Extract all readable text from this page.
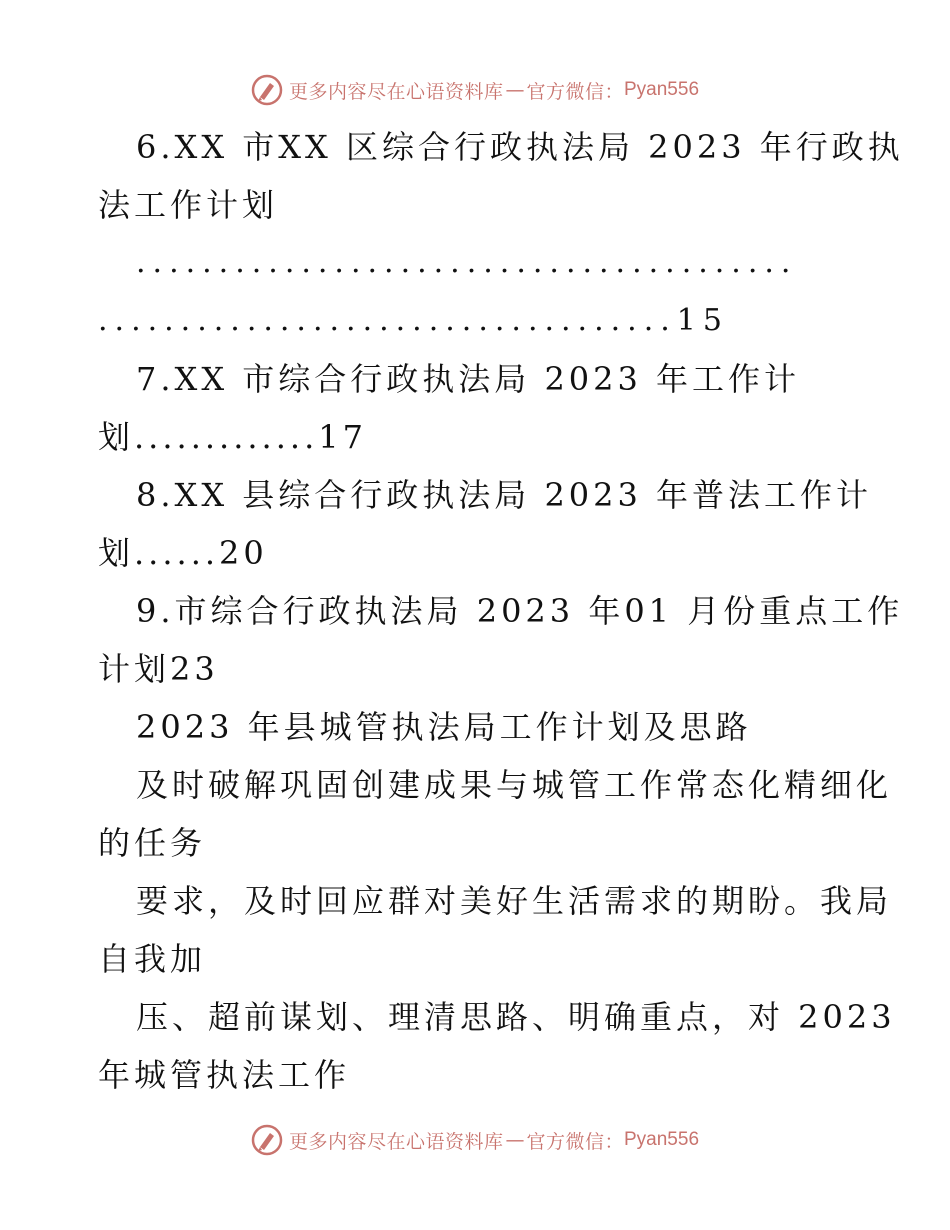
更多内容尽在心语资料库 — 官方微信： Pyan556
6.XX 市XX 区综合行政执法局 2023 年行政执
法工作计划
........................................
...................................15
7.XX 市综合行政执法局 2023 年工作计
划.............17
8.XX 县综合行政执法局 2023 年普法工作计
划......20
9.市综合行政执法局 2023 年01 月份重点工作
计划23
2023 年县城管执法局工作计划及思路
及时破解巩固创建成果与城管工作常态化精细化
的任务
要求，及时回应群对美好生活需求的期盼。我局
自我加
压、超前谋划、理清思路、明确重点，对 2023
年城管执法工作
更多内容尽在心语资料库 — 官方微信： Pyan556
